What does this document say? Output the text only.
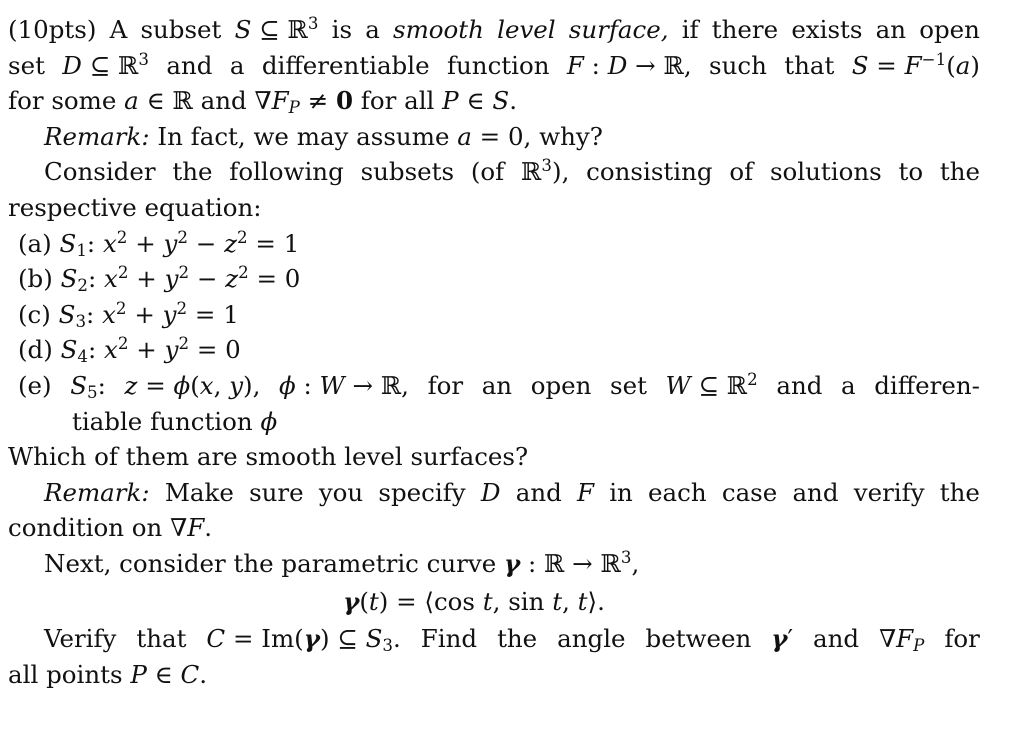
(10pts) A subset S ⊆ ℝ$^3$ is a smooth level surface, if there exists an open
set D ⊆ ℝ$^3$ and a differentiable function F : D → ℝ, such that $S = F^{-1}(a)$
for some a ∈ ℝ and $\nabla F_P \ne 0$ for all P ∈ S.
Remark: In fact, we may assume a = 0, why?
Consider the following subsets (of ℝ$^3$), consisting of solutions to the
respective equation:
(a) $S_1$: $x^2 + y^2 - z^2 = 1$
(b) $S_2$: $x^2 + y^2 - z^2 = 0$
(c) $S_3$: $x^2 + y^2 = 1$
(d) $S_4$: $x^2 + y^2 = 0$
(e) $S_5$: z = ϕ(x, y), ϕ : W → ℝ, for an open set W ⊆ ℝ$^2$ and a differen-
tiable function ϕ
Which of them are smooth level surfaces?
Remark: Make sure you specify D and F in each case and verify the
condition on ∇F.
Next, consider the parametric curve γ : ℝ → ℝ$^3$,
γ(t) = ⟨cos t, sin t, t⟩.
Verify that C = Im(γ) ⊆ $S_3$. Find the angle between γ′ and $\nabla F_P$ for
all points P ∈ C.
